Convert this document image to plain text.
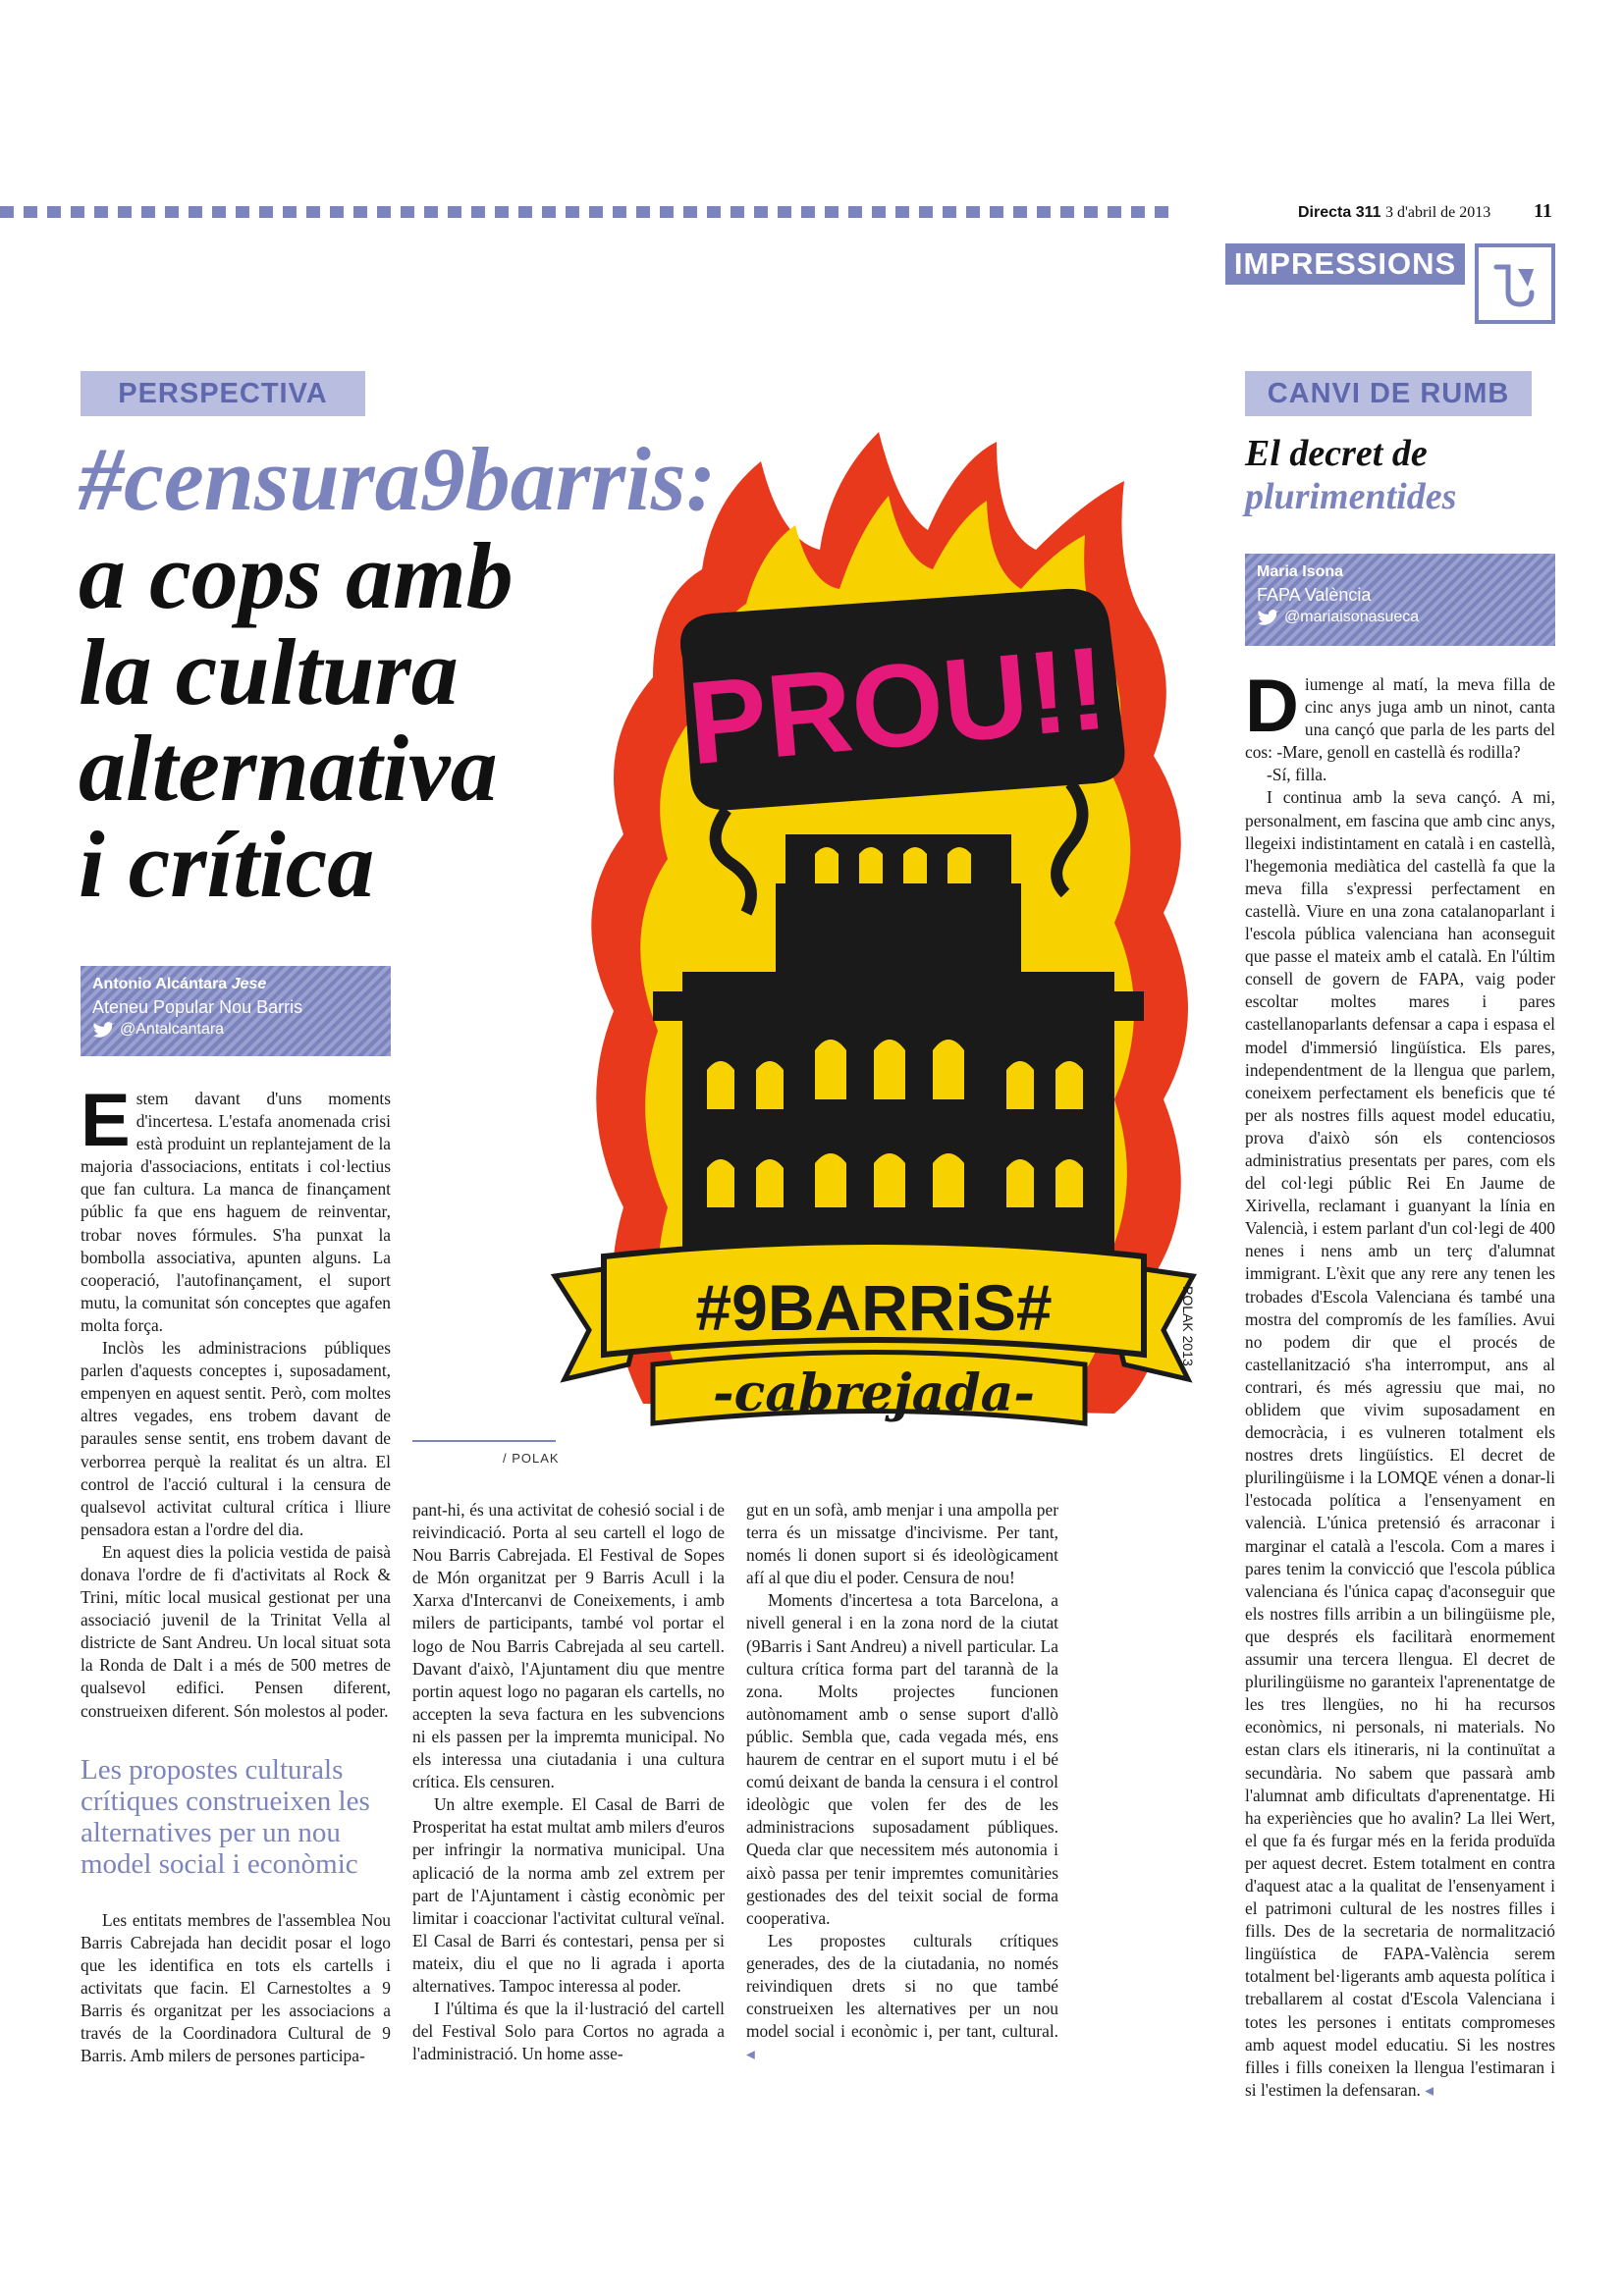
Directa 311 3 d'abril de 2013 11
IMPRESSIONS
PERSPECTIVA
#censura9barris:
a cops amb
la cultura
alternativa
i crítica
Antonio Alcántara Jese
Ateneu Popular Nou Barris
@Antalcantara
PROU!!
#9BARRiS#
-cabrejada-
POLAK 2013
/ POLAK

Estem davant d'uns moments d'incertesa. L'estafa anomenada crisi està produint un replantejament de la majoria d'associacions, entitats i col·lectius que fan cultura. La manca de finançament públic fa que ens haguem de reinventar, trobar noves fórmules. S'ha punxat la bombolla associativa, apunten alguns. La cooperació, l'autofinançament, el suport mutu, la comunitat són conceptes que agafen molta força.

Inclòs les administracions públiques parlen d'aquests conceptes i, suposadament, empenyen en aquest sentit. Però, com moltes altres vegades, ens trobem davant de paraules sense sentit, ens trobem davant de verborrea perquè la realitat és un altra. El control de l'acció cultural i la censura de qualsevol activitat cultural crítica i lliure pensadora estan a l'ordre del dia.

En aquest dies la policia vestida de paisà donava l'ordre de fi d'activitats al Rock & Trini, mític local musical gestionat per una associació juvenil de la Trinitat Vella al districte de Sant Andreu. Un local situat sota la Ronda de Dalt i a més de 500 metres de qualsevol edifici. Pensen diferent, construeixen diferent. Són molestos al poder.

Les propostes culturals crítiques construeixen les alternatives per un nou model social i econòmic

Les entitats membres de l'assemblea Nou Barris Cabrejada han decidit posar el logo que les identifica en tots els cartells i activitats que facin. El Carnestoltes a 9 Barris és organitzat per les associacions a través de la Coordinadora Cultural de 9 Barris. Amb milers de persones participa-

pant-hi, és una activitat de cohesió social i de reivindicació. Porta al seu cartell el logo de Nou Barris Cabrejada. El Festival de Sopes de Món organitzat per 9 Barris Acull i la Xarxa d'Intercanvi de Coneixements, i amb milers de participants, també vol portar el logo de Nou Barris Cabrejada al seu cartell. Davant d'això, l'Ajuntament diu que mentre portin aquest logo no pagaran els cartells, no accepten la seva factura en les subvencions ni els passen per la impremta municipal. No els interessa una ciutadania i una cultura crítica. Els censuren.

Un altre exemple. El Casal de Barri de Prosperitat ha estat multat amb milers d'euros per infringir la normativa municipal. Una aplicació de la norma amb zel extrem per part de l'Ajuntament i càstig econòmic per limitar i coaccionar l'activitat cultural veïnal. El Casal de Barri és contestari, pensa per si mateix, diu el que no li agrada i aporta alternatives. Tampoc interessa al poder.

I l'última és que la il·lustració del cartell del Festival Solo para Cortos no agrada a l'administració. Un home asse-

gut en un sofà, amb menjar i una ampolla per terra és un missatge d'incivisme. Per tant, només li donen suport si és ideològicament afí al que diu el poder. Censura de nou!

Moments d'incertesa a tota Barcelona, a nivell general i en la zona nord de la ciutat (9Barris i Sant Andreu) a nivell particular. La cultura crítica forma part del tarannà de la zona. Molts projectes funcionen autònomament amb o sense suport d'allò públic. Sembla que, cada vegada més, ens haurem de centrar en el suport mutu i el bé comú deixant de banda la censura i el control ideològic que volen fer des de les administracions suposadament públiques. Queda clar que necessitem més autonomia i això passa per tenir impremtes comunitàries gestionades des del teixit social de forma cooperativa.

Les propostes culturals crítiques generades, des de la ciutadania, no només reivindiquen drets si no que també construeixen les alternatives per un nou model social i econòmic i, per tant, cultural. ◂

CANVI DE RUMB
El decret de
plurimentides
Maria Isona
FAPA València
@mariaisonasueca

Diumenge al matí, la meva filla de cinc anys juga amb un ninot, canta una cançó que parla de les parts del cos: -Mare, genoll en castellà és rodilla?

-Sí, filla.

I continua amb la seva cançó. A mi, personalment, em fascina que amb cinc anys, llegeixi indistintament en català i en castellà, l'hegemonia mediàtica del castellà fa que la meva filla s'expressi perfectament en castellà. Viure en una zona catalanoparlant i l'escola pública valenciana han aconseguit que passe el mateix amb el català. En l'últim consell de govern de FAPA, vaig poder escoltar moltes mares i pares castellanoparlants defensar a capa i espasa el model d'immersió lingüística. Els pares, independentment de la llengua que parlem, coneixem perfectament els beneficis que té per als nostres fills aquest model educatiu, prova d'això són els contenciosos administratius presentats per pares, com els del col·legi públic Rei En Jaume de Xirivella, reclamant i guanyant la línia en Valencià, i estem parlant d'un col·legi de 400 nenes i nens amb un terç d'alumnat immigrant. L'èxit que any rere any tenen les trobades d'Escola Valenciana és també una mostra del compromís de les famílies. Avui no podem dir que el procés de castellanització s'ha interromput, ans al contrari, és més agressiu que mai, no oblidem que vivim suposadament en democràcia, i es vulneren totalment els nostres drets lingüístics. El decret de plurilingüisme i la LOMQE vénen a donar-li l'estocada política a l'ensenyament en valencià. L'única pretensió és arraconar i marginar el català a l'escola. Com a mares i pares tenim la convicció que l'escola pública valenciana és l'única capaç d'aconseguir que els nostres fills arribin a un bilingüisme ple, que després els facilitarà enormement assumir una tercera llengua. El decret de plurilingüisme no garanteix l'aprenentatge de les tres llengües, no hi ha recursos econòmics, ni personals, ni materials. No estan clars els itineraris, ni la continuïtat a secundària. No sabem que passarà amb l'alumnat amb dificultats d'aprenentatge. Hi ha experiències que ho avalin? La llei Wert, el que fa és furgar més en la ferida produïda per aquest decret. Estem totalment en contra d'aquest atac a la qualitat de l'ensenyament i el patrimoni cultural de les nostres filles i fills. Des de la secretaria de normalització lingüística de FAPA-València serem totalment bel·ligerants amb aquesta política i treballarem al costat d'Escola Valenciana i totes les persones i entitats compromeses amb aquest model educatiu. Si les nostres filles i fills coneixen la llengua l'estimaran i si l'estimen la defensaran. ◂
